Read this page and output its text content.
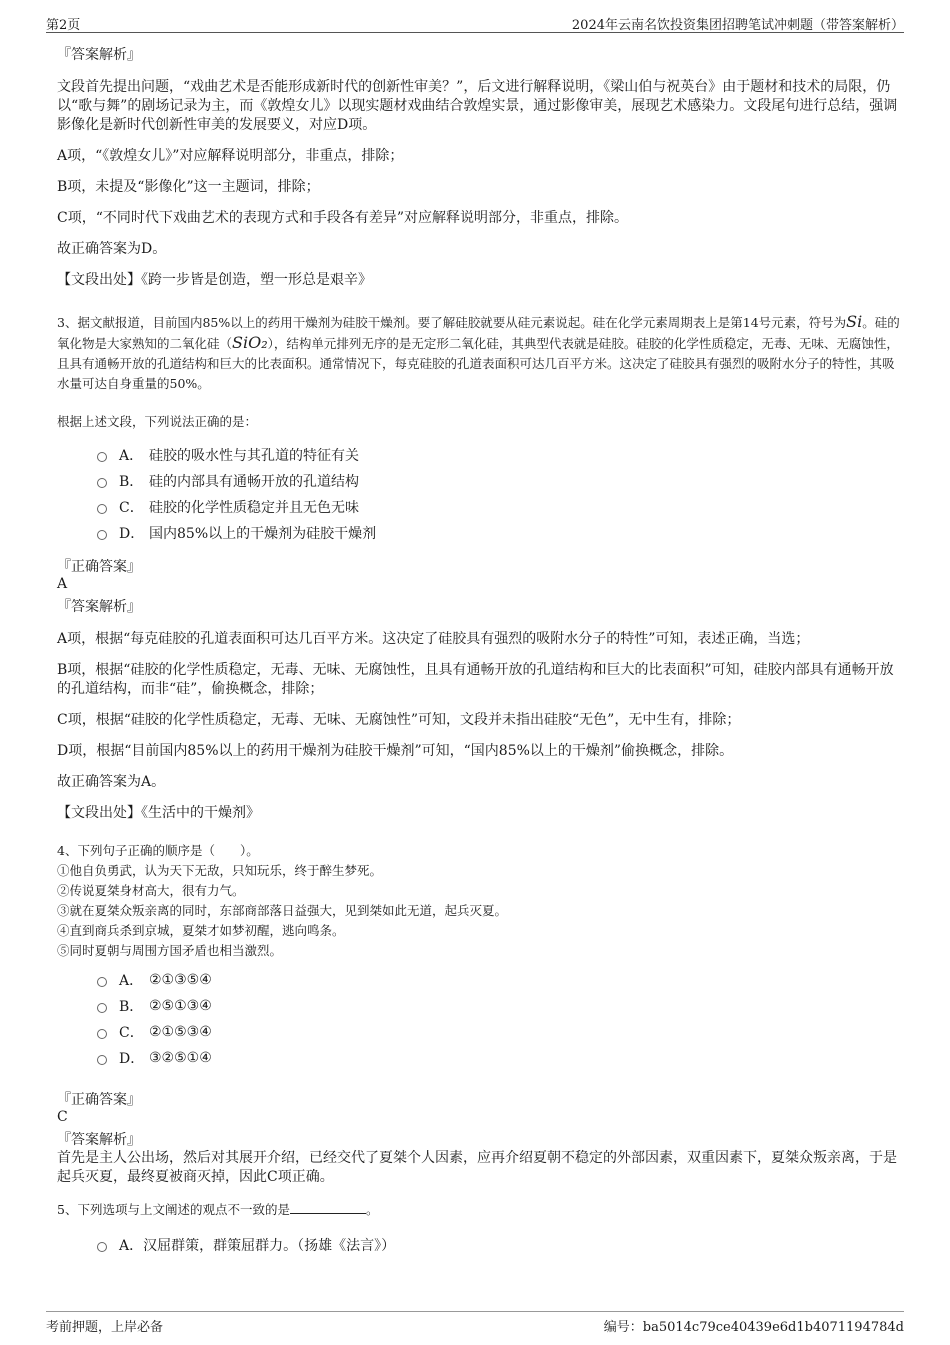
第2页	2024年云南名饮投资集团招聘笔试冲刺题（带答案解析）
『答案解析』

文段首先提出问题，“戏曲艺术是否能形成新时代的创新性审美？”，后文进行解释说明，《梁山伯与祝英台》由于题材和技术的局限，仍以“歌与舞”的剧场记录为主，而《敦煌女儿》以现实题材戏曲结合敦煌实景，通过影像审美，展现艺术感染力。文段尾句进行总结，强调影像化是新时代创新性审美的发展要义，对应D项。

A项，“《敦煌女儿》”对应解释说明部分，非重点，排除；

B项，未提及“影像化”这一主题词，排除；

C项，“不同时代下戏曲艺术的表现方式和手段各有差异”对应解释说明部分，非重点，排除。

故正确答案为D。

【文段出处】《跨一步皆是创造，塑一形总是艰辛》

3、据文献报道，目前国内85%以上的药用干燥剂为硅胶干燥剂。要了解硅胶就要从硅元素说起。硅在化学元素周期表上是第14号元素，符号为Si。硅的氧化物是大家熟知的二氧化硅（SiO₂），结构单元排列无序的是无定形二氧化硅，其典型代表就是硅胶。硅胶的化学性质稳定，无毒、无味、无腐蚀性，且具有通畅开放的孔道结构和巨大的比表面积。通常情况下，每克硅胶的孔道表面积可达几百平方米。这决定了硅胶具有强烈的吸附水分子的特性，其吸水量可达自身重量的50%。

根据上述文段，下列说法正确的是：

A． 硅胶的吸水性与其孔道的特征有关
B． 硅的内部具有通畅开放的孔道结构
C． 硅胶的化学性质稳定并且无色无味
D． 国内85%以上的干燥剂为硅胶干燥剂
『正确答案』
A
『答案解析』

A项，根据“每克硅胶的孔道表面积可达几百平方米。这决定了硅胶具有强烈的吸附水分子的特性”可知，表述正确，当选；

B项，根据“硅胶的化学性质稳定，无毒、无味、无腐蚀性，且具有通畅开放的孔道结构和巨大的比表面积”可知，硅胶内部具有通畅开放的孔道结构，而非“硅”，偷换概念，排除；

C项，根据“硅胶的化学性质稳定，无毒、无味、无腐蚀性”可知，文段并未指出硅胶“无色”，无中生有，排除；

D项，根据“目前国内85%以上的药用干燥剂为硅胶干燥剂”可知，“国内85%以上的干燥剂”偷换概念，排除。

故正确答案为A。

【文段出处】《生活中的干燥剂》

4、下列句子正确的顺序是（　　）。

①他自负勇武，认为天下无敌，只知玩乐，终于醉生梦死。

②传说夏桀身材高大，很有力气。

③就在夏桀众叛亲离的同时，东部商部落日益强大，见到桀如此无道，起兵灭夏。

④直到商兵杀到京城，夏桀才如梦初醒，逃向鸣条。

⑤同时夏朝与周围方国矛盾也相当激烈。

A． ②①③⑤④
B． ②⑤①③④
C． ②①⑤③④
D． ③②⑤①④
『正确答案』
C
『答案解析』

首先是主人公出场，然后对其展开介绍，已经交代了夏桀个人因素，应再介绍夏朝不稳定的外部因素，双重因素下，夏桀众叛亲离，于是起兵灭夏，最终夏被商灭掉，因此C项正确。

5、下列选项与上文阐述的观点不一致的是	。

A． 汉屈群策，群策屈群力。（扬雄《法言》）
考前押题，上岸必备	编号：ba5014c79ce40439e6d1b4071194784d
